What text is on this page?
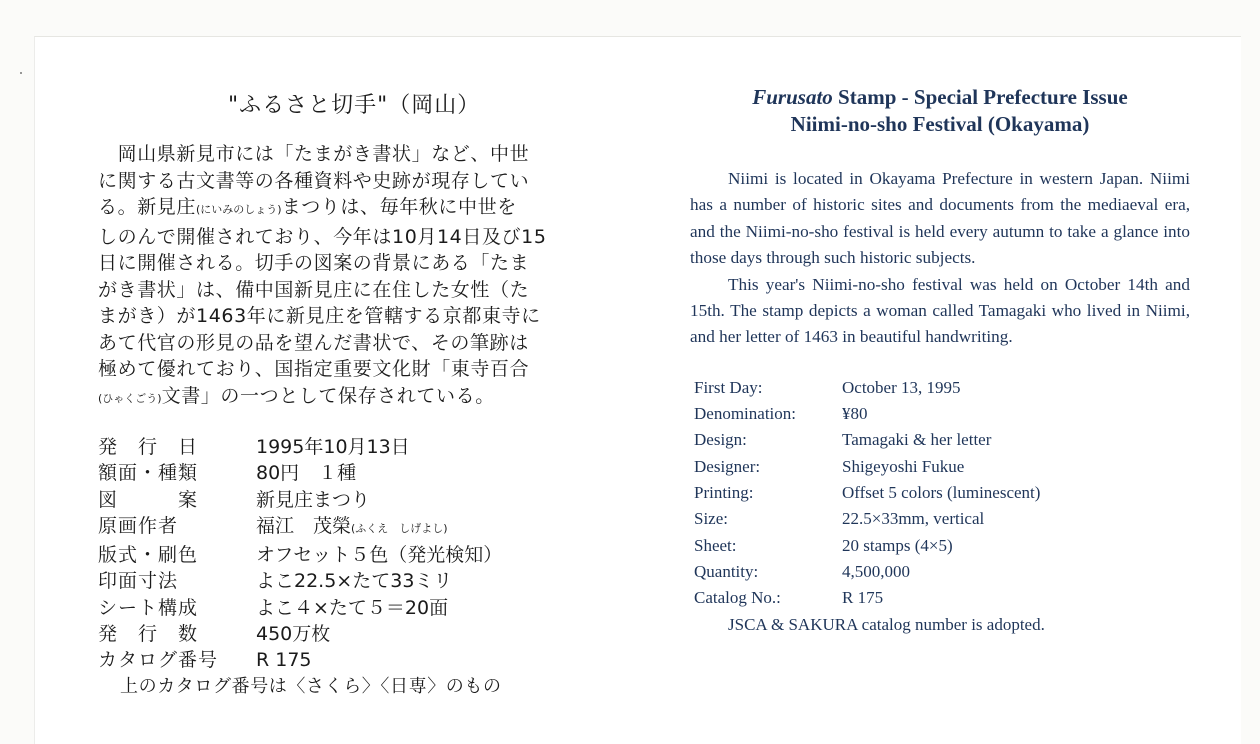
"ふるさと切手"（岡山）

　岡山県新見市には「たまがき書状」など、中世

に関する古文書等の各種資料や史跡が現存してい

る。新見庄(にいみのしょう)まつりは、毎年秋に中世を

しのんで開催されており、今年は10月14日及び15

日に開催される。切手の図案の背景にある「たま

がき書状」は、備中国新見庄に在住した女性（た

まがき）が1463年に新見庄を管轄する京都東寺に

あて代官の形見の品を望んだ書状で、その筆跡は

極めて優れており、国指定重要文化財「東寺百合

(ひゃくごう)文書」の一つとして保存されている。

発　行　日	1995年10月13日
額面・種類	80円　１種
図　　　案	新見庄まつり
原画作者	福江　茂榮(ふくえ　しげよし)
版式・刷色	オフセット５色（発光検知）
印面寸法	よこ22.5×たて33ミリ
シート構成	よこ４×たて５＝20面
発　行　数	450万枚
カタログ番号	R 175
上のカタログ番号は〈さくら〉〈日専〉のもの
Furusato Stamp - Special Prefecture Issue
Niimi-no-sho Festival (Okayama)

Niimi is located in Okayama Prefecture in western Japan. Niimi has a number of historic sites and documents from the mediaeval era, and the Niimi-no-sho festival is held every autumn to take a glance into those days through such historic subjects.

This year's Niimi-no-sho festival was held on October 14th and 15th. The stamp depicts a woman called Tamagaki who lived in Niimi, and her letter of 1463 in beautiful handwriting.

First Day:	October 13, 1995
Denomination:	¥80
Design:	Tamagaki & her letter
Designer:	Shigeyoshi Fukue
Printing:	Offset 5 colors (luminescent)
Size:	22.5×33mm, vertical
Sheet:	20 stamps (4×5)
Quantity:	4,500,000
Catalog No.:	R 175
JSCA & SAKURA catalog number is adopted.
